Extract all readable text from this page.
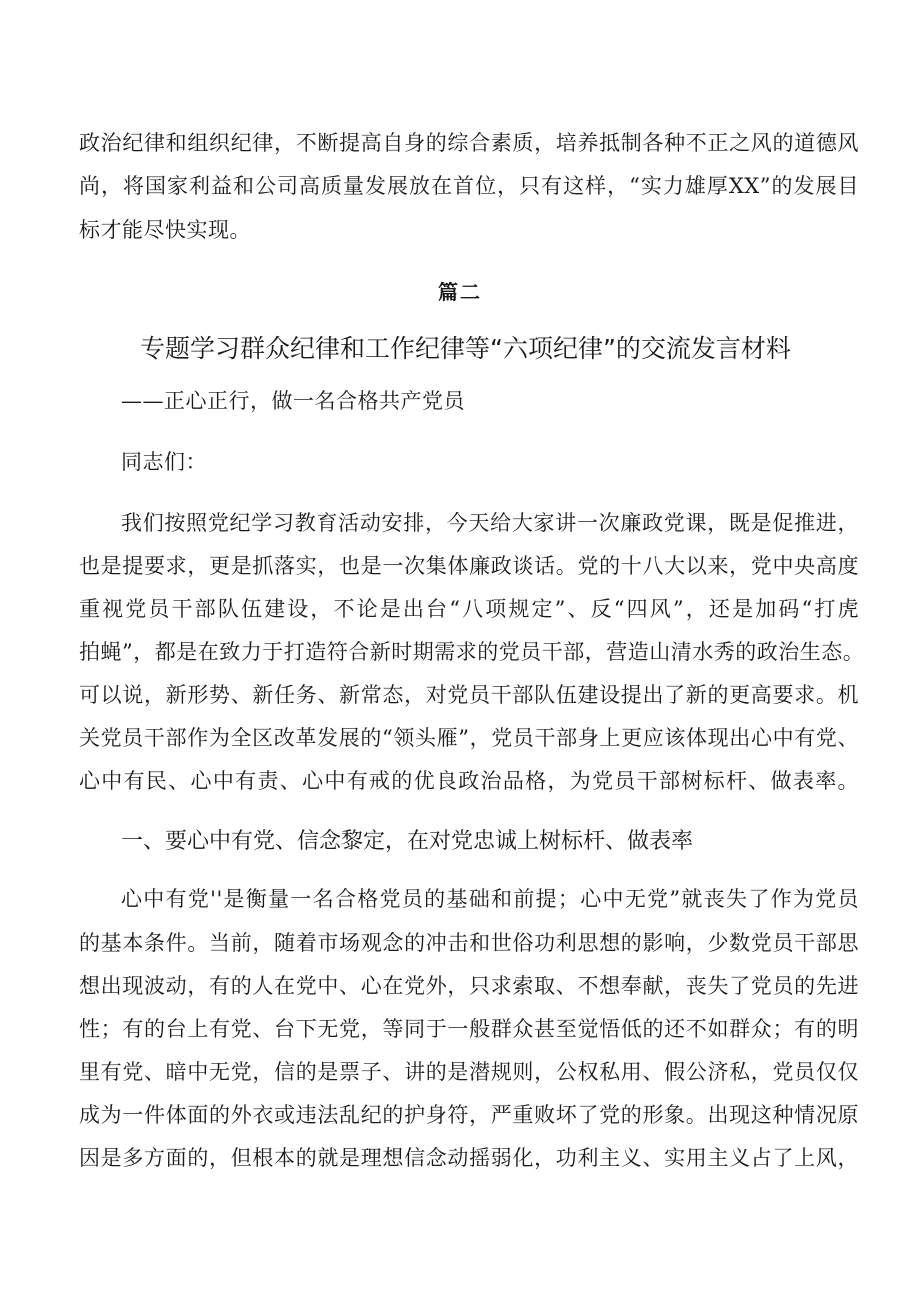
政治纪律和组织纪律，不断提高自身的综合素质，培养抵制各种不正之风的道德风
尚，将国家利益和公司高质量发展放在首位，只有这样，“实力雄厚XX”的发展目
标才能尽快实现。
篇二
专题学习群众纪律和工作纪律等“六项纪律”的交流发言材料
——正心正行，做一名合格共产党员
同志们：
我们按照党纪学习教育活动安排，今天给大家讲一次廉政党课，既是促推进，
也是提要求，更是抓落实，也是一次集体廉政谈话。党的十八大以来，党中央高度
重视党员干部队伍建设，不论是出台“八项规定”、反“四风”，还是加码“打虎
拍蝇”，都是在致力于打造符合新时期需求的党员干部，营造山清水秀的政治生态。
可以说，新形势、新任务、新常态，对党员干部队伍建设提出了新的更高要求。机
关党员干部作为全区改革发展的“领头雁”，党员干部身上更应该体现出心中有党、
心中有民、心中有责、心中有戒的优良政治品格，为党员干部树标杆、做表率。
一、要心中有党、信念黎定，在对党忠诚上树标杆、做表率
心中有党''是衡量一名合格党员的基础和前提；心中无党”就丧失了作为党员
的基本条件。当前，随着市场观念的冲击和世俗功利思想的影响，少数党员干部思
想出现波动，有的人在党中、心在党外，只求索取、不想奉献，丧失了党员的先进
性；有的台上有党、台下无党，等同于一般群众甚至觉悟低的还不如群众；有的明
里有党、暗中无党，信的是票子、讲的是潜规则，公权私用、假公济私，党员仅仅
成为一件体面的外衣或违法乱纪的护身符，严重败坏了党的形象。出现这种情况原
因是多方面的，但根本的就是理想信念动摇弱化，功利主义、实用主义占了上风，
